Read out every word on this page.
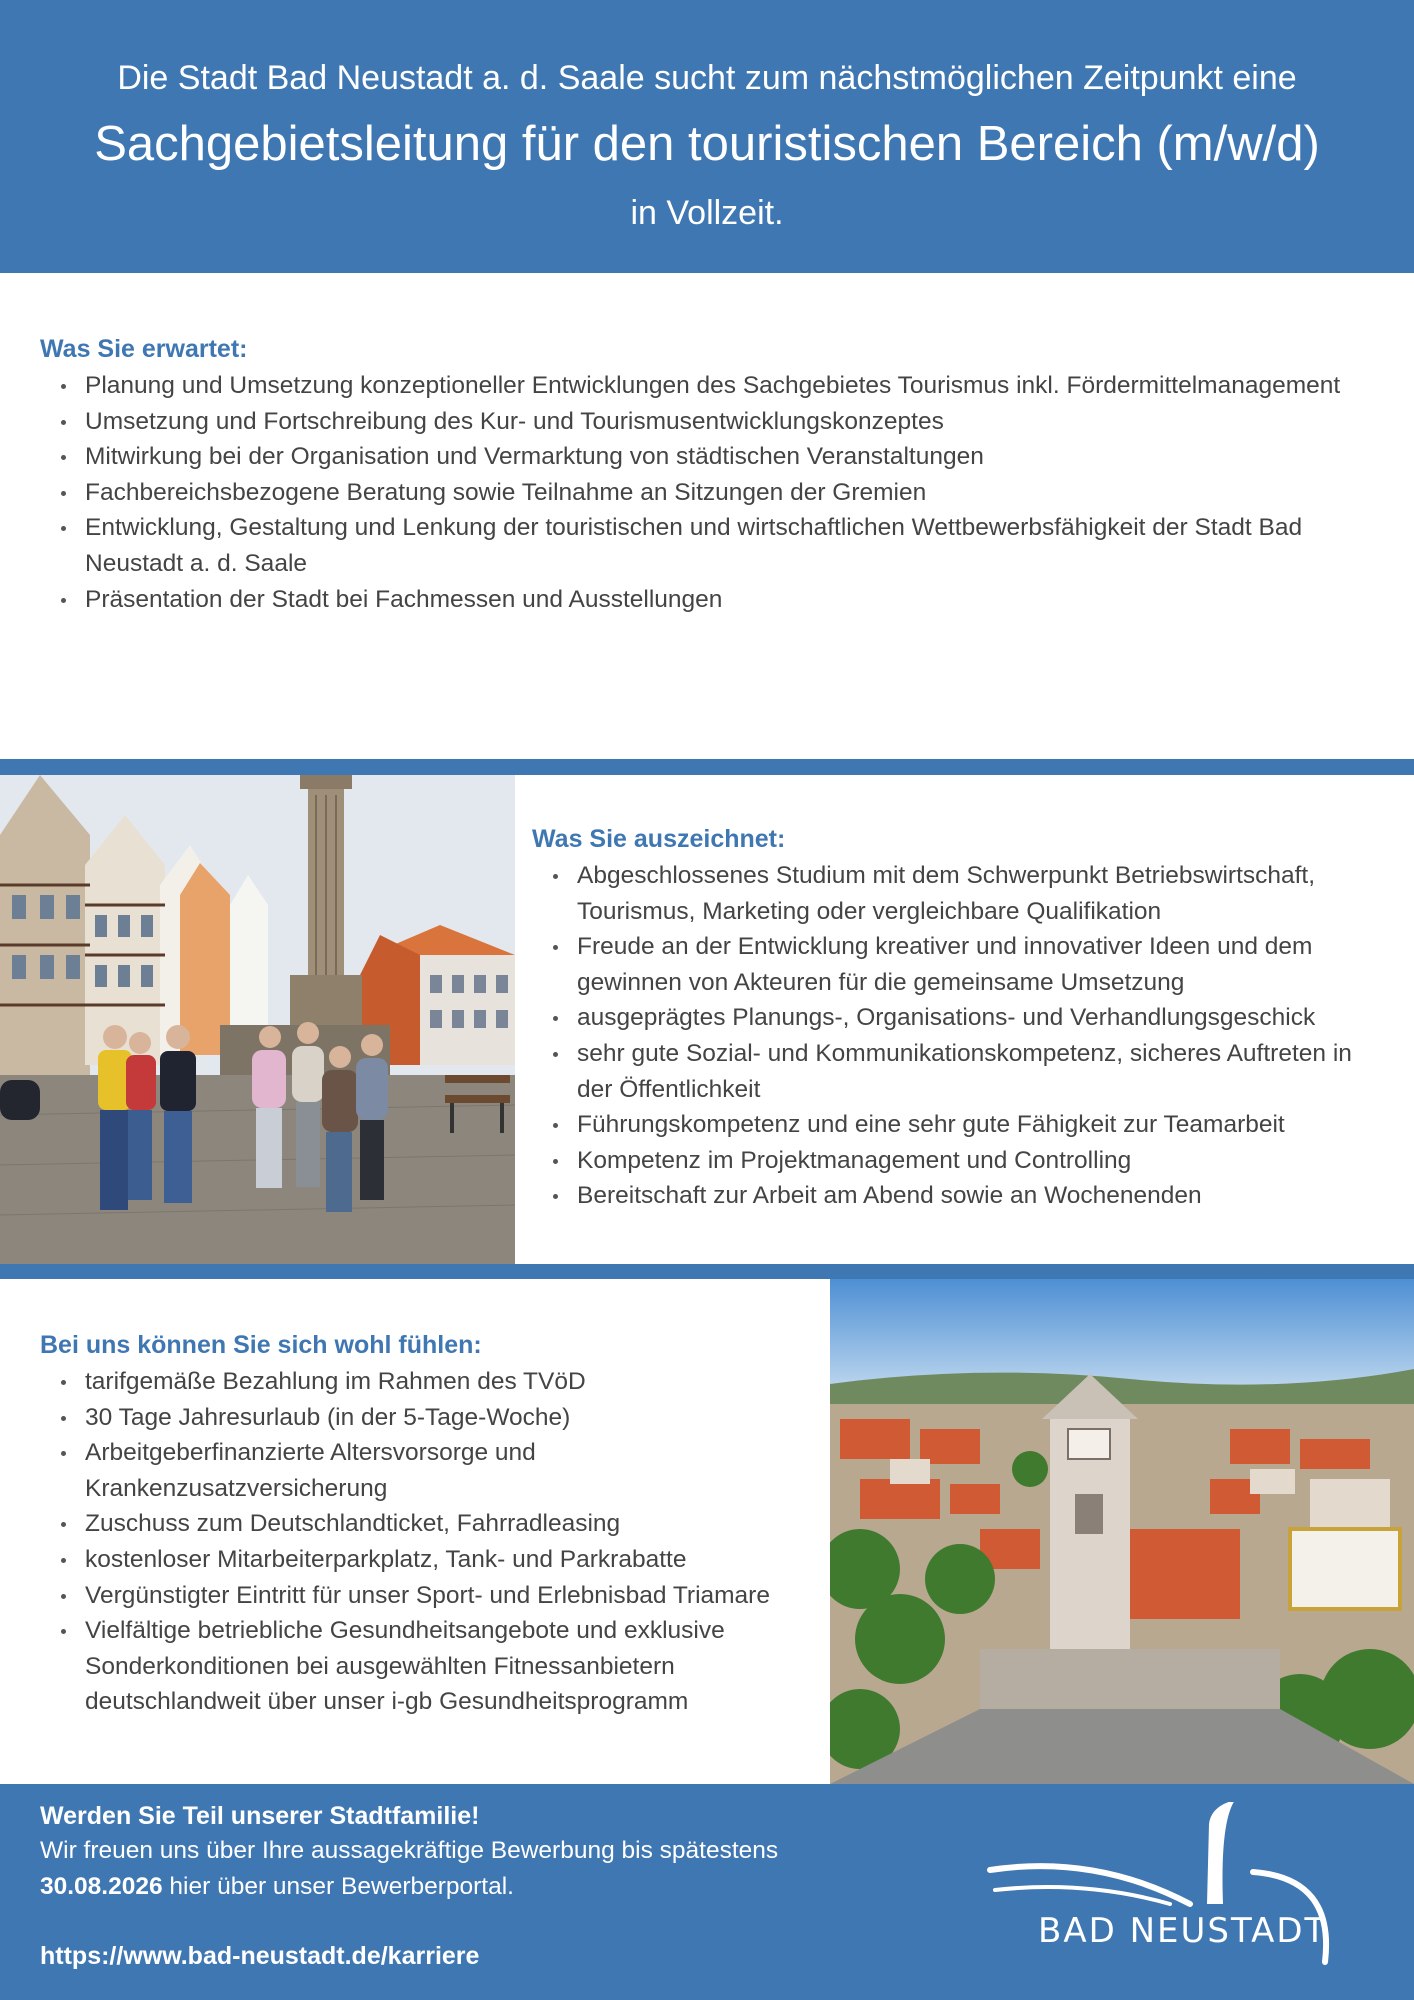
Die Stadt Bad Neustadt a. d. Saale sucht zum nächstmöglichen Zeitpunkt eine
Sachgebietsleitung für den touristischen Bereich (m/w/d)
in Vollzeit.
Was Sie erwartet:
Planung und Umsetzung konzeptioneller Entwicklungen des Sachgebietes Tourismus inkl. Fördermittelmanagement
Umsetzung und Fortschreibung des Kur- und Tourismusentwicklungskonzeptes
Mitwirkung bei der Organisation und Vermarktung von städtischen Veranstaltungen
Fachbereichsbezogene Beratung sowie Teilnahme an Sitzungen der Gremien
Entwicklung, Gestaltung und Lenkung der touristischen und wirtschaftlichen Wettbewerbsfähigkeit der Stadt Bad Neustadt a. d. Saale
Präsentation der Stadt bei Fachmessen und Ausstellungen
Was Sie auszeichnet:
Abgeschlossenes Studium mit dem Schwerpunkt Betriebswirtschaft, Tourismus, Marketing oder vergleichbare Qualifikation
Freude an der Entwicklung kreativer und innovativer Ideen und dem gewinnen von Akteuren für die gemeinsame Umsetzung
ausgeprägtes Planungs-, Organisations- und Verhandlungsgeschick
sehr gute Sozial- und Kommunikationskompetenz, sicheres Auftreten in der Öffentlichkeit
Führungskompetenz und eine sehr gute Fähigkeit zur Teamarbeit
Kompetenz im Projektmanagement und Controlling
Bereitschaft zur Arbeit am Abend sowie an Wochenenden
Bei uns können Sie sich wohl fühlen:
tarifgemäße Bezahlung im Rahmen des TVöD
30 Tage Jahresurlaub (in der 5-Tage-Woche)
Arbeitgeberfinanzierte Altersvorsorge und Krankenzusatzversicherung
Zuschuss zum Deutschlandticket, Fahrradleasing
kostenloser Mitarbeiterparkplatz, Tank- und Parkrabatte
Vergünstigter Eintritt für unser Sport- und Erlebnisbad Triamare
Vielfältige betriebliche Gesundheitsangebote und exklusive Sonderkonditionen bei ausgewählten Fitnessanbietern deutschlandweit über unser i-gb Gesundheitsprogramm
Werden Sie Teil unserer Stadtfamilie!
Wir freuen uns über Ihre aussagekräftige Bewerbung bis spätestens
30.08.2026 hier über unser Bewerberportal.
https://www.bad-neustadt.de/karriere
BAD NEUSTADT
